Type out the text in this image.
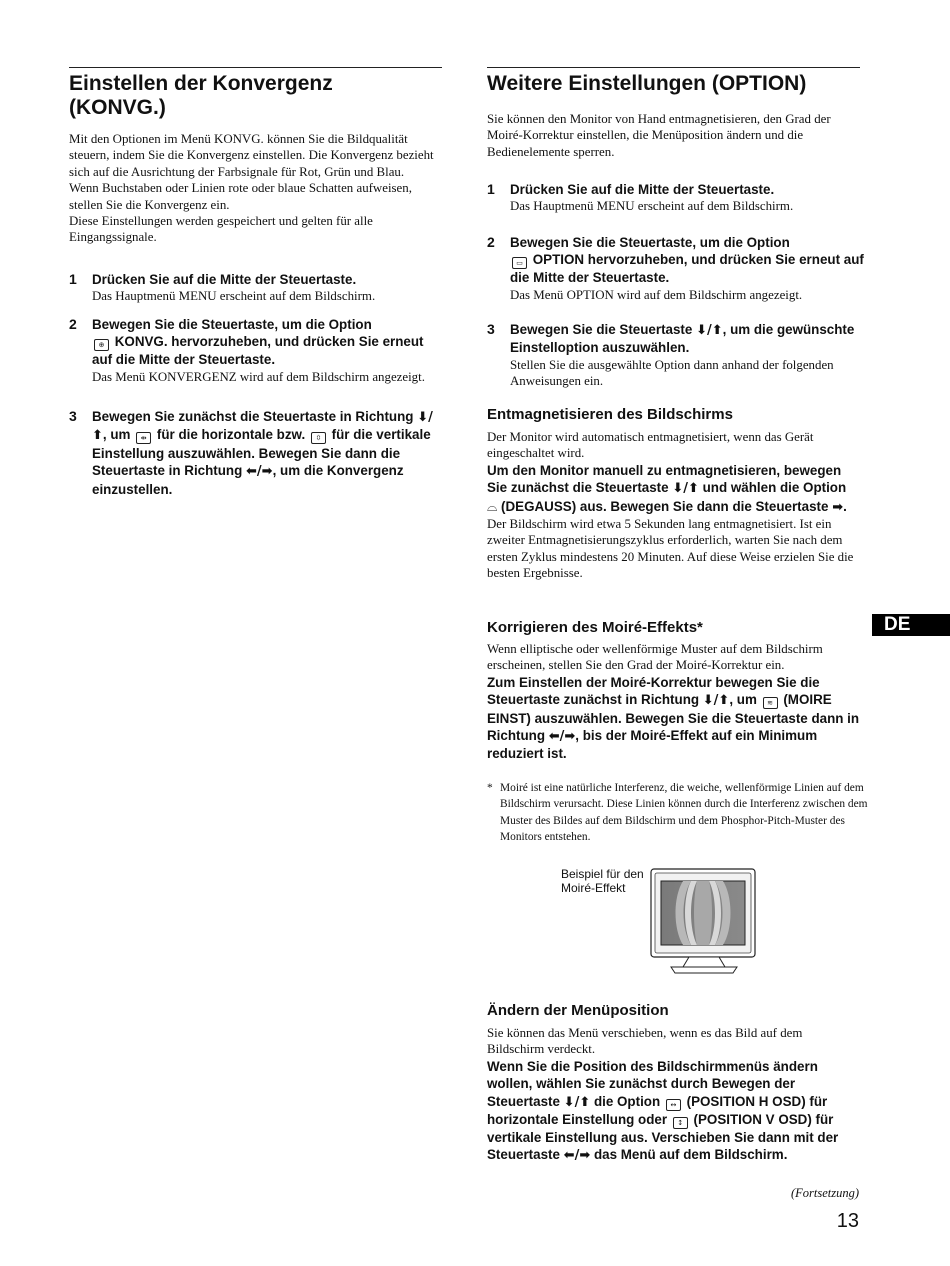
Einstellen der Konvergenz
(KONVG.)
Mit den Optionen im Menü KONVG. können Sie die Bildqualität steuern, indem Sie die Konvergenz einstellen. Die Konvergenz bezieht sich auf die Ausrichtung der Farbsignale für Rot, Grün und Blau.
Wenn Buchstaben oder Linien rote oder blaue Schatten aufweisen, stellen Sie die Konvergenz ein.
Diese Einstellungen werden gespeichert und gelten für alle Eingangssignale.
1 Drücken Sie auf die Mitte der Steuertaste.
Das Hauptmenü MENU erscheint auf dem Bildschirm.
2 Bewegen Sie die Steuertaste, um die Option
⊕ KONVG. hervorzuheben, und drücken Sie erneut auf die Mitte der Steuertaste.
Das Menü KONVERGENZ wird auf dem Bildschirm angezeigt.
3 Bewegen Sie zunächst die Steuertaste in Richtung ⬇/⬆, um ⇹ für die horizontale bzw. ⇳ für die vertikale Einstellung auszuwählen. Bewegen Sie dann die Steuertaste in Richtung ⬅/➡, um die Konvergenz einzustellen.
Weitere Einstellungen (OPTION)
Sie können den Monitor von Hand entmagnetisieren, den Grad der Moiré-Korrektur einstellen, die Menüposition ändern und die Bedienelemente sperren.
1 Drücken Sie auf die Mitte der Steuertaste.
Das Hauptmenü MENU erscheint auf dem Bildschirm.
2 Bewegen Sie die Steuertaste, um die Option
▭ OPTION hervorzuheben, und drücken Sie erneut auf die Mitte der Steuertaste.
Das Menü OPTION wird auf dem Bildschirm angezeigt.
3 Bewegen Sie die Steuertaste ⬇/⬆, um die gewünschte Einstelloption auszuwählen.
Stellen Sie die ausgewählte Option dann anhand der folgenden Anweisungen ein.
Entmagnetisieren des Bildschirms
Der Monitor wird automatisch entmagnetisiert, wenn das Gerät eingeschaltet wird.
Um den Monitor manuell zu entmagnetisieren, bewegen Sie zunächst die Steuertaste ⬇/⬆ und wählen die Option ⌓ (DEGAUSS) aus. Bewegen Sie dann die Steuertaste ➡.
Der Bildschirm wird etwa 5 Sekunden lang entmagnetisiert. Ist ein zweiter Entmagnetisierungszyklus erforderlich, warten Sie nach dem ersten Zyklus mindestens 20 Minuten. Auf diese Weise erzielen Sie die besten Ergebnisse.
DE
Korrigieren des Moiré-Effekts*
Wenn elliptische oder wellenförmige Muster auf dem Bildschirm erscheinen, stellen Sie den Grad der Moiré-Korrektur ein.
Zum Einstellen der Moiré-Korrektur bewegen Sie die Steuertaste zunächst in Richtung ⬇/⬆, um ≋ (MOIRE EINST) auszuwählen. Bewegen Sie die Steuertaste dann in Richtung ⬅/➡, bis der Moiré-Effekt auf ein Minimum reduziert ist.
* Moiré ist eine natürliche Interferenz, die weiche, wellenförmige Linien auf dem Bildschirm verursacht. Diese Linien können durch die Interferenz zwischen dem Muster des Bildes auf dem Bildschirm und dem Phosphor-Pitch-Muster des Monitors entstehen.
Beispiel für den
Moiré-Effekt
Ändern der Menüposition
Sie können das Menü verschieben, wenn es das Bild auf dem Bildschirm verdeckt.
Wenn Sie die Position des Bildschirmmenüs ändern wollen, wählen Sie zunächst durch Bewegen der Steuertaste ⬇/⬆ die Option ↔ (POSITION H OSD) für horizontale Einstellung oder ↕ (POSITION V OSD) für vertikale Einstellung aus. Verschieben Sie dann mit der Steuertaste ⬅/➡ das Menü auf dem Bildschirm.
(Fortsetzung)
13
